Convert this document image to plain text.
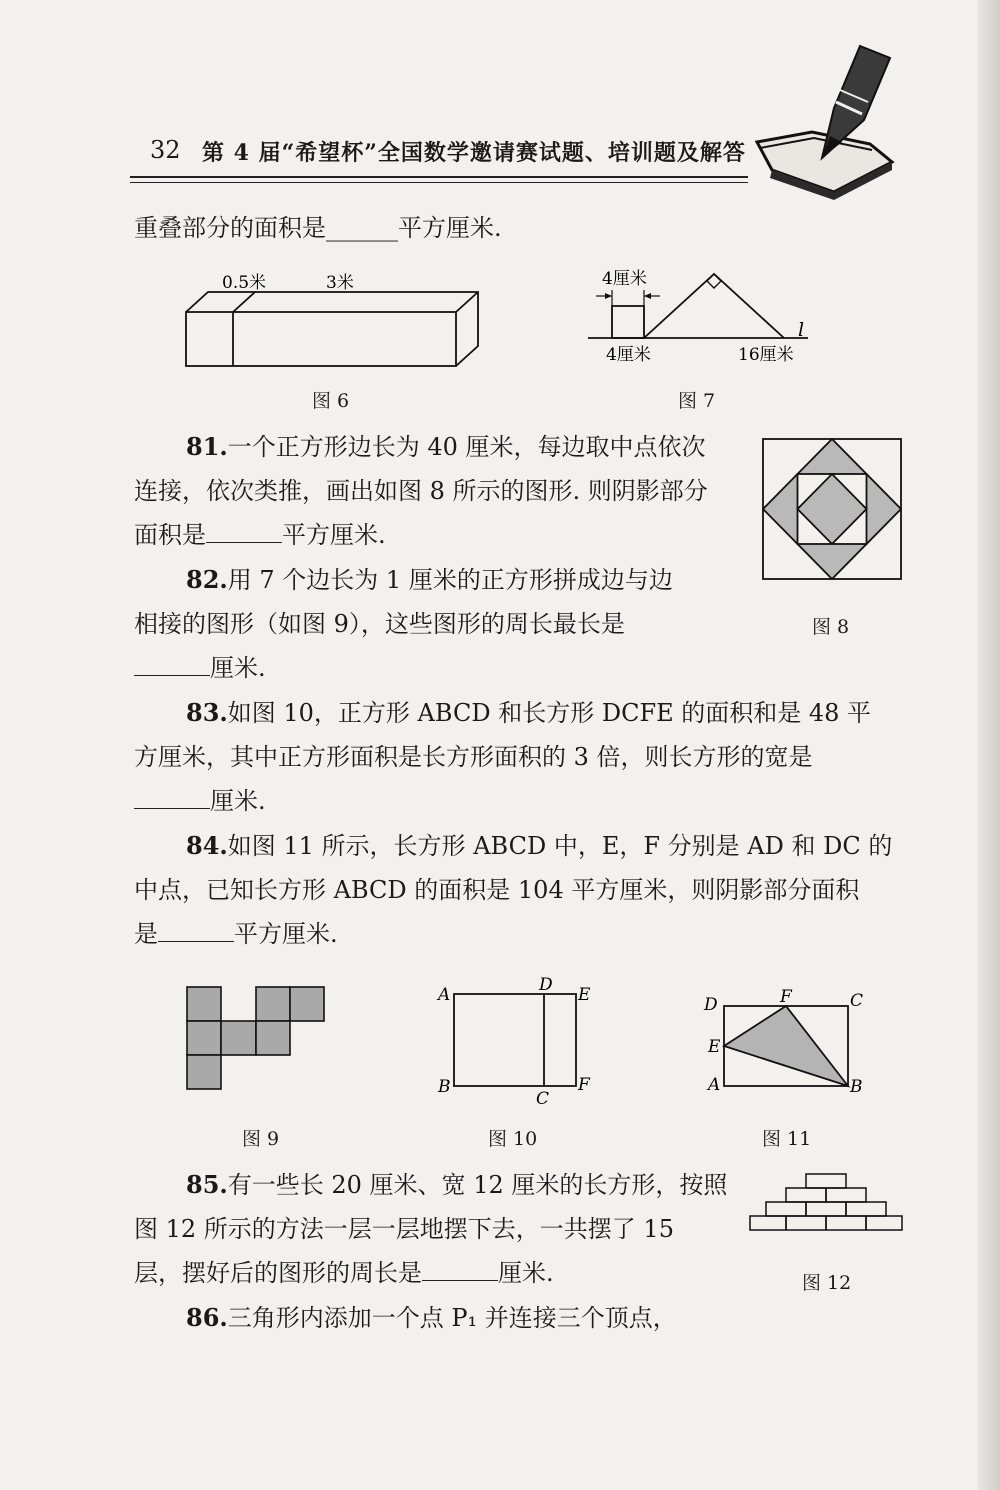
32 第 4 届“希望杯”全国数学邀请赛试题、培训题及解答
重叠部分的面积是______平方厘米.
0.5米	3米
图 6
4厘米
l
4厘米	16厘米
图 7
81.一个正方形边长为 40 厘米，每边取中点依次
连接，依次类推，画出如图 8 所示的图形. 则阴影部分
面积是	平方厘米.
图 8
82.用 7 个边长为 1 厘米的正方形拼成边与边
相接的图形（如图 9），这些图形的周长最长是
厘米.
83.如图 10，正方形 ABCD 和长方形 DCFE 的面积和是 48 平
方厘米，其中正方形面积是长方形面积的 3 倍，则长方形的宽是
厘米.
84.如图 11 所示，长方形 ABCD 中，E，F 分别是 AD 和 DC 的
中点，已知长方形 ABCD 的面积是 104 平方厘米，则阴影部分面积
是	平方厘米.
图 9
A	D E
B
C
F
图 10
D	F	C
E
A	B
图 11
85.有一些长 20 厘米、宽 12 厘米的长方形，按照
图 12 所示的方法一层一层地摆下去，一共摆了 15
层，摆好后的图形的周长是	厘米.	图 12
86.三角形内添加一个点 P₁ 并连接三个顶点，
